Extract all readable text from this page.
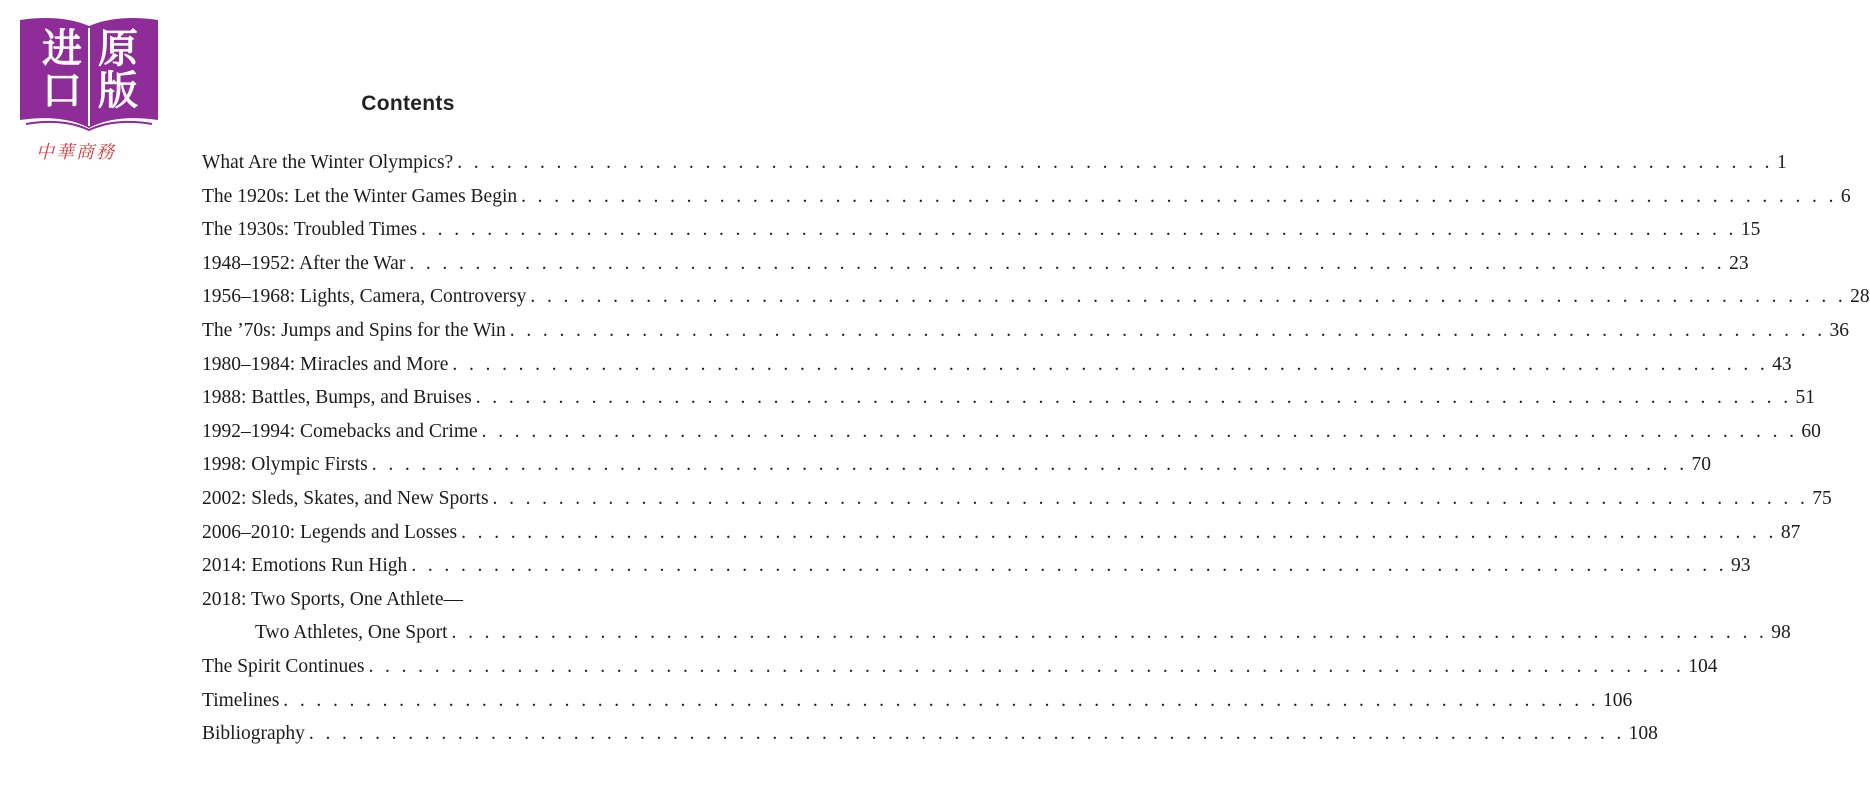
进 原
口 版
中華商務
Contents
What Are the Winter Olympics? . . . . . . . . . . . . . . . . . . . . . . . . . . . . . . . . . . . . . . . . . . . . . . . . . . . . . . . . . . . . . . . . . . . . . . . . . . . . . . . . 1
The 1920s: Let the Winter Games Begin . . . . . . . . . . . . . . . . . . . . . . . . . . . . . . . . . . . . . . . . . . . . . . . . . . . . . . . . . . . . . . . . . . . . . . . . . . . . . . . . 6
The 1930s: Troubled Times . . . . . . . . . . . . . . . . . . . . . . . . . . . . . . . . . . . . . . . . . . . . . . . . . . . . . . . . . . . . . . . . . . . . . . . . . . . . . . . . 15
1948–1952: After the War . . . . . . . . . . . . . . . . . . . . . . . . . . . . . . . . . . . . . . . . . . . . . . . . . . . . . . . . . . . . . . . . . . . . . . . . . . . . . . . . 23
1956–1968: Lights, Camera, Controversy . . . . . . . . . . . . . . . . . . . . . . . . . . . . . . . . . . . . . . . . . . . . . . . . . . . . . . . . . . . . . . . . . . . . . . . . . . . . . . . . 28
The ’70s: Jumps and Spins for the Win . . . . . . . . . . . . . . . . . . . . . . . . . . . . . . . . . . . . . . . . . . . . . . . . . . . . . . . . . . . . . . . . . . . . . . . . . . . . . . . . 36
1980–1984: Miracles and More . . . . . . . . . . . . . . . . . . . . . . . . . . . . . . . . . . . . . . . . . . . . . . . . . . . . . . . . . . . . . . . . . . . . . . . . . . . . . . . . 43
1988: Battles, Bumps, and Bruises . . . . . . . . . . . . . . . . . . . . . . . . . . . . . . . . . . . . . . . . . . . . . . . . . . . . . . . . . . . . . . . . . . . . . . . . . . . . . . . . 51
1992–1994: Comebacks and Crime . . . . . . . . . . . . . . . . . . . . . . . . . . . . . . . . . . . . . . . . . . . . . . . . . . . . . . . . . . . . . . . . . . . . . . . . . . . . . . . . 60
1998: Olympic Firsts . . . . . . . . . . . . . . . . . . . . . . . . . . . . . . . . . . . . . . . . . . . . . . . . . . . . . . . . . . . . . . . . . . . . . . . . . . . . . . . . 70
2002: Sleds, Skates, and New Sports . . . . . . . . . . . . . . . . . . . . . . . . . . . . . . . . . . . . . . . . . . . . . . . . . . . . . . . . . . . . . . . . . . . . . . . . . . . . . . . . 75
2006–2010: Legends and Losses . . . . . . . . . . . . . . . . . . . . . . . . . . . . . . . . . . . . . . . . . . . . . . . . . . . . . . . . . . . . . . . . . . . . . . . . . . . . . . . . 87
2014: Emotions Run High . . . . . . . . . . . . . . . . . . . . . . . . . . . . . . . . . . . . . . . . . . . . . . . . . . . . . . . . . . . . . . . . . . . . . . . . . . . . . . . . 93
2018: Two Sports, One Athlete—
Two Athletes, One Sport . . . . . . . . . . . . . . . . . . . . . . . . . . . . . . . . . . . . . . . . . . . . . . . . . . . . . . . . . . . . . . . . . . . . . . . . . . . . . . . . 98
The Spirit Continues . . . . . . . . . . . . . . . . . . . . . . . . . . . . . . . . . . . . . . . . . . . . . . . . . . . . . . . . . . . . . . . . . . . . . . . . . . . . . . . . 104
Timelines . . . . . . . . . . . . . . . . . . . . . . . . . . . . . . . . . . . . . . . . . . . . . . . . . . . . . . . . . . . . . . . . . . . . . . . . . . . . . . . . 106
Bibliography . . . . . . . . . . . . . . . . . . . . . . . . . . . . . . . . . . . . . . . . . . . . . . . . . . . . . . . . . . . . . . . . . . . . . . . . . . . . . . . . 108
